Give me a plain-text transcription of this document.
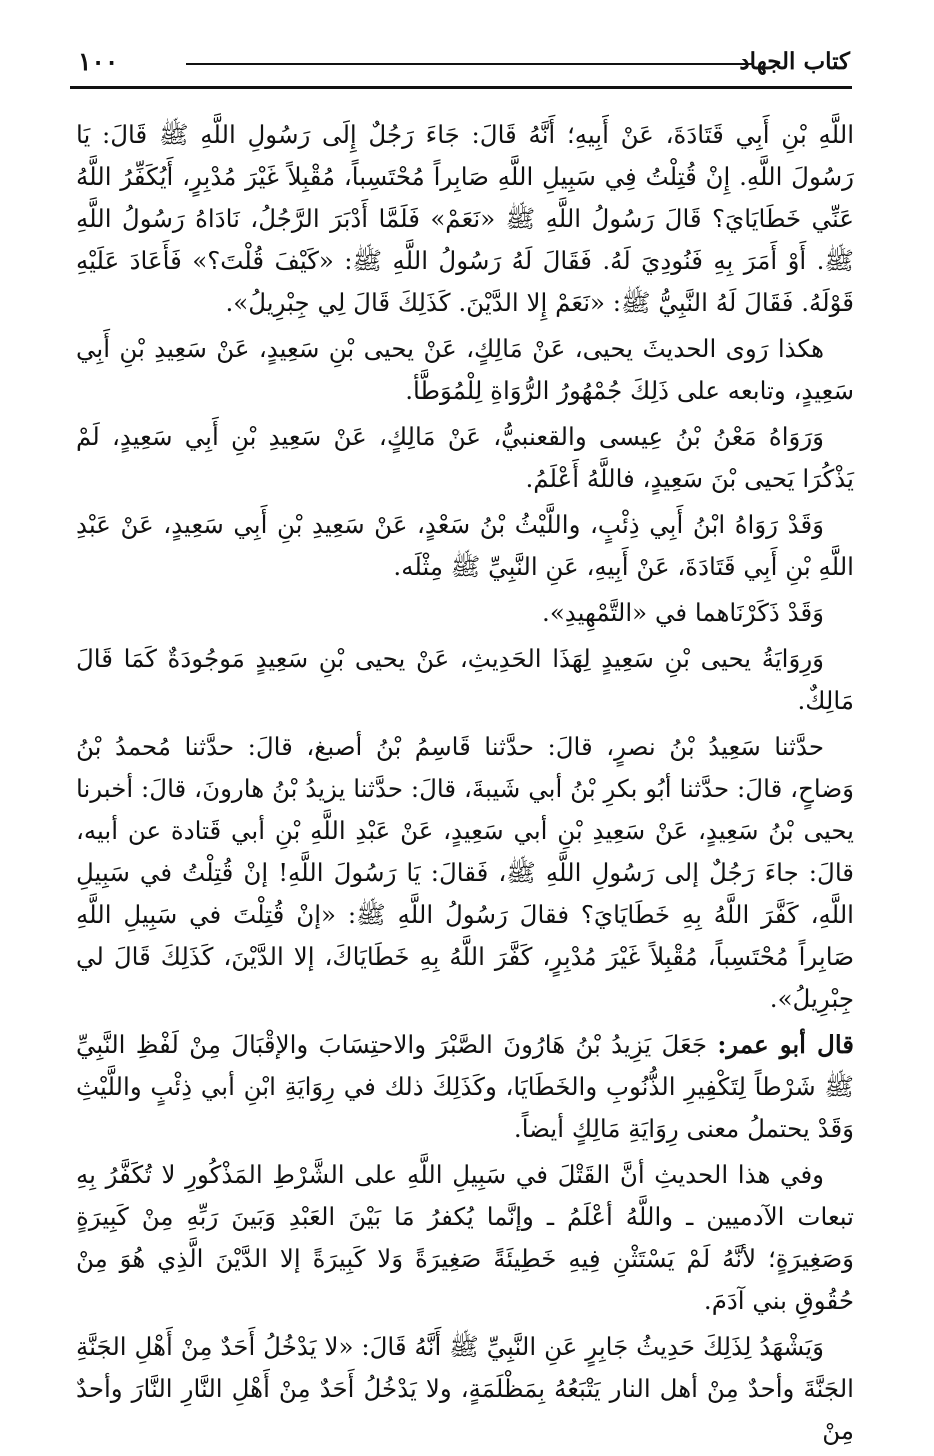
كتاب الجهاد
١٠٠

اللَّهِ بْنِ أَبِي قَتَادَةَ، عَنْ أَبِيهِ؛ أَنَّهُ قَالَ: جَاءَ رَجُلٌ إِلَى رَسُولِ اللَّهِ ﷺ قَالَ: يَا رَسُولَ اللَّهِ. إِنْ قُتِلْتُ فِي سَبِيلِ اللَّهِ صَابِراً مُحْتَسِباً، مُقْبِلاً غَيْرَ مُدْبِرٍ، أَيُكَفِّرُ اللَّهُ عَنِّي خَطَايَايَ؟ قَالَ رَسُولُ اللَّهِ ﷺ «نَعَمْ» فَلَمَّا أَدْبَرَ الرَّجُلُ، نَادَاهُ رَسُولُ اللَّهِ ﷺ. أَوْ أَمَرَ بِهِ فَنُودِيَ لَهُ. فَقَالَ لَهُ رَسُولُ اللَّهِ ﷺ: «كَيْفَ قُلْتَ؟» فَأَعَادَ عَلَيْهِ قَوْلَهُ. فَقَالَ لَهُ النَّبِيُّ ﷺ: «نَعَمْ إِلا الدَّيْنَ. كَذَلِكَ قَالَ لِي جِبْرِيلُ».

هكذا رَوى الحديثَ يحيى، عَنْ مَالِكٍ، عَنْ يحيى بْنِ سَعِيدٍ، عَنْ سَعِيدِ بْنِ أَبِي سَعِيدٍ، وتابعه على ذَلِكَ جُمْهُورُ الرُّوَاةِ لِلْمُوَطَّأ.

وَرَوَاهُ مَعْنُ بْنُ عِيسى والقعنبيُّ، عَنْ مَالِكٍ، عَنْ سَعِيدِ بْنِ أَبِي سَعِيدٍ، لَمْ يَذْكُرَا يَحيى بْنَ سَعِيدٍ، فاللَّهُ أَعْلَمُ.

وَقَدْ رَوَاهُ ابْنُ أَبِي ذِئْبٍ، واللَّيْثُ بْنُ سَعْدٍ، عَنْ سَعِيدِ بْنِ أَبِي سَعِيدٍ، عَنْ عَبْدِ اللَّهِ بْنِ أَبِي قَتَادَةَ، عَنْ أَبِيهِ، عَنِ النَّبِيِّ ﷺ مِثْلَه.

وَقَدْ ذَكَرْنَاهما في «التَّمْهِيدِ».

وَرِوَايَةُ يحيى بْنِ سَعِيدٍ لِهَذَا الحَدِيثِ، عَنْ يحيى بْنِ سَعِيدٍ مَوجُودَةٌ كَمَا قَالَ مَالِكٌ.

حدَّثنا سَعِيدُ بْنُ نصرٍ، قالَ: حدَّثنا قَاسِمُ بْنُ أصبغ، قالَ: حدَّثنا مُحمدُ بْنُ وَضاحٍ، قالَ: حدَّثنا أبُو بكرِ بْنُ أبي شَيبةَ، قالَ: حدَّثنا يزيدُ بْنُ هارونَ، قالَ: أخبرنا يحيى بْنُ سَعِيدٍ، عَنْ سَعِيدِ بْنِ أبي سَعِيدٍ، عَنْ عَبْدِ اللَّهِ بْنِ أبي قَتادة عن أبيه، قالَ: جاءَ رَجُلٌ إلى رَسُولِ اللَّهِ ﷺ، فَقالَ: يَا رَسُولَ اللَّهِ! إنْ قُتِلْتُ في سَبِيلِ اللَّهِ، كَفَّرَ اللَّهُ بِهِ خَطَايَايَ؟ فقالَ رَسُولُ اللَّهِ ﷺ: «إنْ قُتِلْتَ في سَبِيلِ اللَّهِ صَابِراً مُحْتَسِباً، مُقْبِلاً غَيْرَ مُدْبِرٍ، كَفَّرَ اللَّهُ بِهِ خَطَايَاكَ، إلا الدَّيْنَ، كَذَلِكَ قَالَ لي جِبْرِيلُ».

قال أبو عمر: جَعَلَ يَزِيدُ بْنُ هَارُونَ الصَّبْرَ والاحتِسَابَ والإقْبَالَ مِنْ لَفْظِ النَّبِيِّ ﷺ شَرْطاً لِتَكْفِيرِ الذُّنُوبِ والخَطَايَا، وكَذَلِكَ ذلك في رِوَايَةِ ابْنِ أبي ذِئْبٍ واللَّيْثِ وَقَدْ يحتملُ معنى رِوَايَةِ مَالِكٍ أيضاً.

وفي هذا الحديثِ أنَّ القَتْلَ في سَبِيلِ اللَّهِ على الشَّرْطِ المَذْكُورِ لا تُكَفَّرُ بِهِ تبعات الآدميين ـ واللَّهُ أعْلَمُ ـ وإنَّما يُكفرُ مَا بَيْنَ العَبْدِ وَبَينَ رَبِّهِ مِنْ كَبِيرَةٍ وَصَغِيرَةٍ؛ لأنَّهُ لَمْ يَسْتَثْنِ فِيهِ خَطِيئَةً صَغِيرَةً وَلا كَبِيرَةً إلا الدَّيْنَ الَّذِي هُوَ مِنْ حُقُوقِ بني آدَمَ.

وَيَشْهَدُ لِذَلِكَ حَدِيثُ جَابِرٍ عَنِ النَّبِيِّ ﷺ أَنَّهُ قَالَ: «لا يَدْخُلُ أَحَدٌ مِنْ أَهْلِ الجَنَّةِ الجَنَّةَ وأحدٌ مِنْ أهل النار يَتْبَعُهُ بِمَظْلَمَةٍ، ولا يَدْخُلُ أَحَدٌ مِنْ أَهْلِ النَّارِ النَّارَ وأحدٌ مِنْ
